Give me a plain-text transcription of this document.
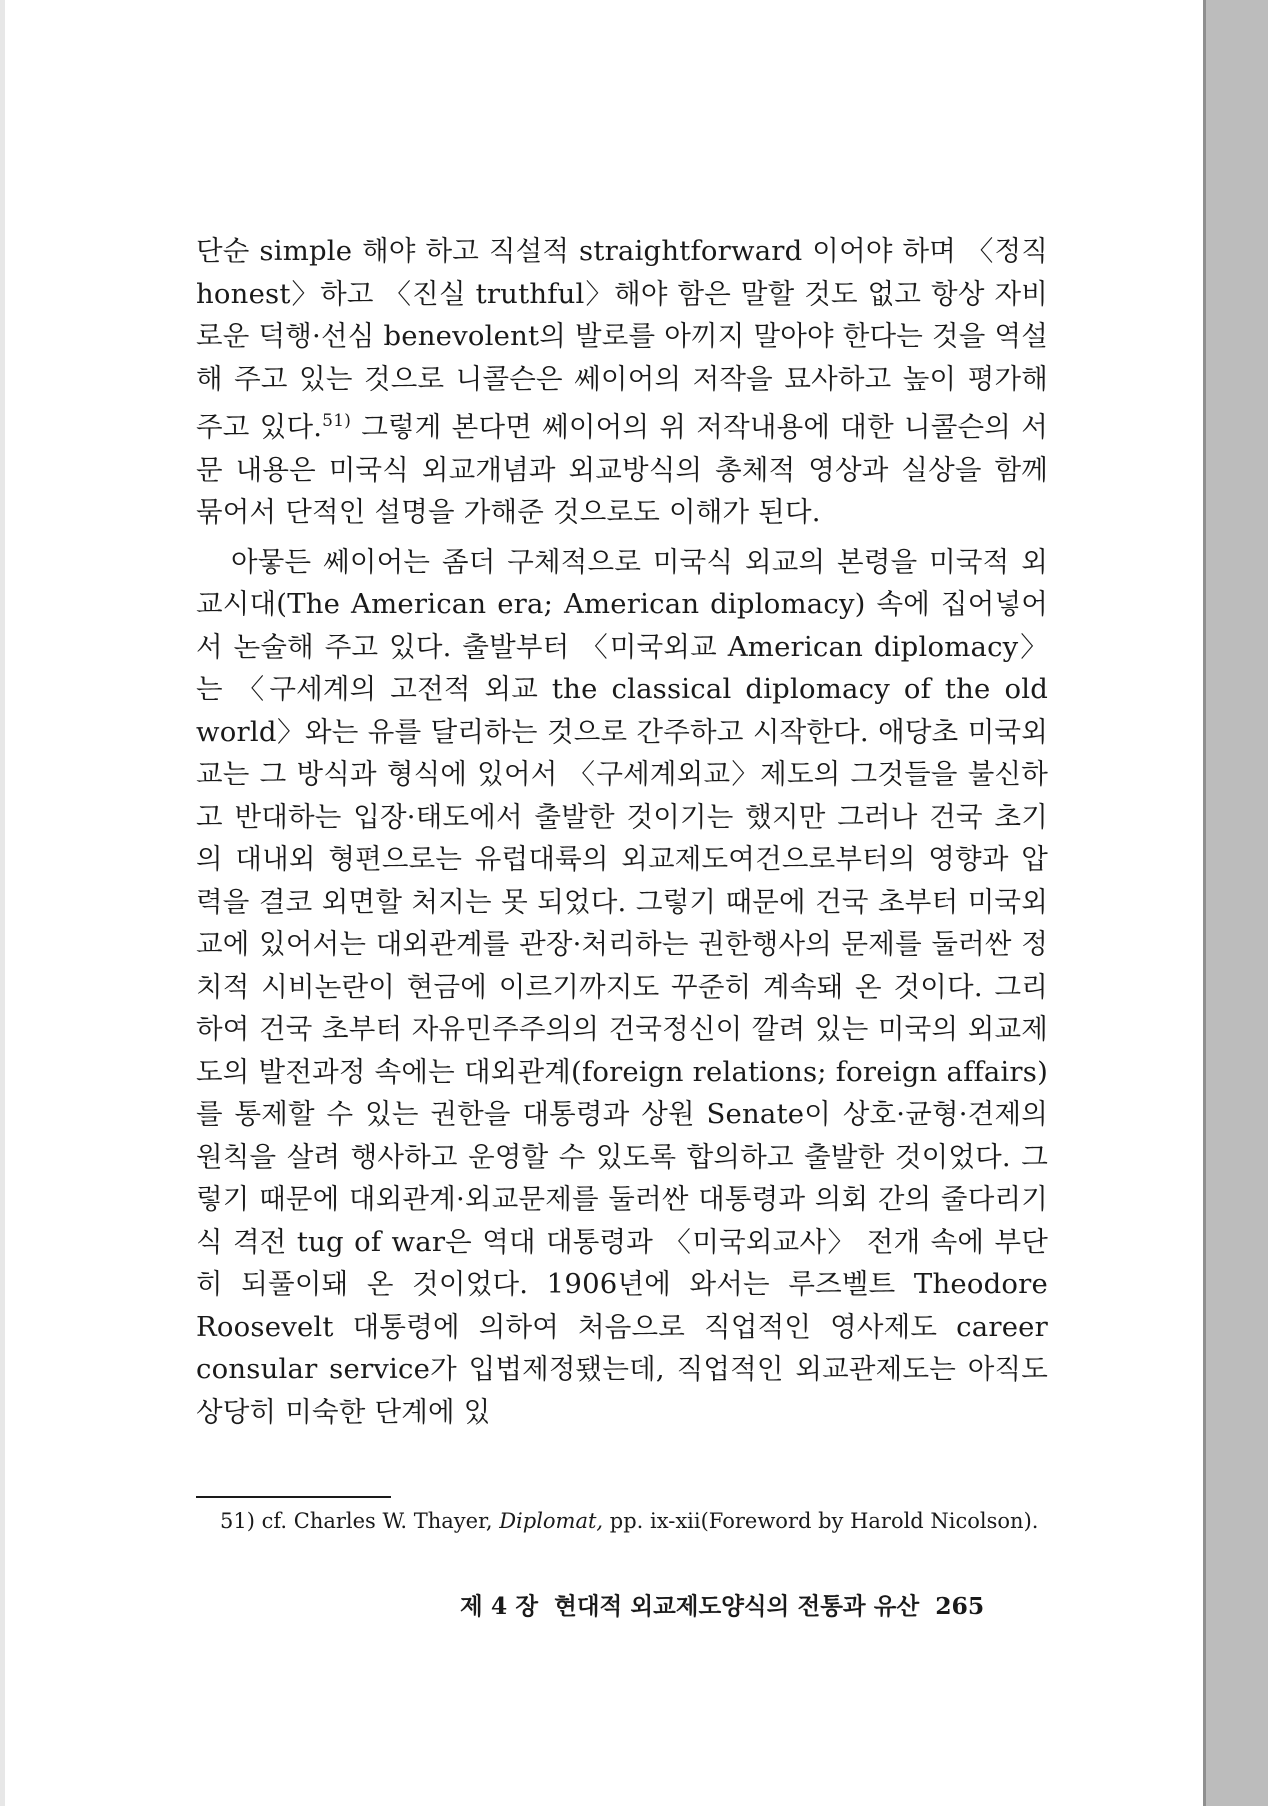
단순 simple 해야 하고 직설적 straightforward 이어야 하며 〈정직 honest〉하고 〈진실 truthful〉해야 함은 말할 것도 없고 항상 자비로운 덕행·선심 benevolent의 발로를 아끼지 말아야 한다는 것을 역설해 주고 있는 것으로 니콜슨은 쎄이어의 저작을 묘사하고 높이 평가해 주고 있다.$^{51)}$ 그렇게 본다면 쎄이어의 위 저작내용에 대한 니콜슨의 서문 내용은 미국식 외교개념과 외교방식의 총체적 영상과 실상을 함께 묶어서 단적인 설명을 가해준 것으로도 이해가 된다.

아뭏든 쎄이어는 좀더 구체적으로 미국식 외교의 본령을 미국적 외교시대(The American era; American diplomacy) 속에 집어넣어서 논술해 주고 있다. 출발부터 〈미국외교 American diplomacy〉는 〈구세계의 고전적 외교 the classical diplomacy of the old world〉와는 유를 달리하는 것으로 간주하고 시작한다. 애당초 미국외교는 그 방식과 형식에 있어서 〈구세계외교〉제도의 그것들을 불신하고 반대하는 입장·태도에서 출발한 것이기는 했지만 그러나 건국 초기의 대내외 형편으로는 유럽대륙의 외교제도여건으로부터의 영향과 압력을 결코 외면할 처지는 못 되었다. 그렇기 때문에 건국 초부터 미국외교에 있어서는 대외관계를 관장·처리하는 권한행사의 문제를 둘러싼 정치적 시비논란이 현금에 이르기까지도 꾸준히 계속돼 온 것이다. 그리하여 건국 초부터 자유민주주의의 건국정신이 깔려 있는 미국의 외교제도의 발전과정 속에는 대외관계(foreign relations; foreign affairs)를 통제할 수 있는 권한을 대통령과 상원 Senate이 상호·균형·견제의 원칙을 살려 행사하고 운영할 수 있도록 합의하고 출발한 것이었다. 그렇기 때문에 대외관계·외교문제를 둘러싼 대통령과 의회 간의 줄다리기식 격전 tug of war은 역대 대통령과 〈미국외교사〉 전개 속에 부단히 되풀이돼 온 것이었다. 1906년에 와서는 루즈벨트 Theodore Roosevelt 대통령에 의하여 처음으로 직업적인 영사제도 career consular service가 입법제정됐는데, 직업적인 외교관제도는 아직도 상당히 미숙한 단계에 있

51) cf. Charles W. Thayer, Diplomat, pp. ix-xii(Foreword by Harold Nicolson).

제 4 장 현대적 외교제도양식의 전통과 유산 265
